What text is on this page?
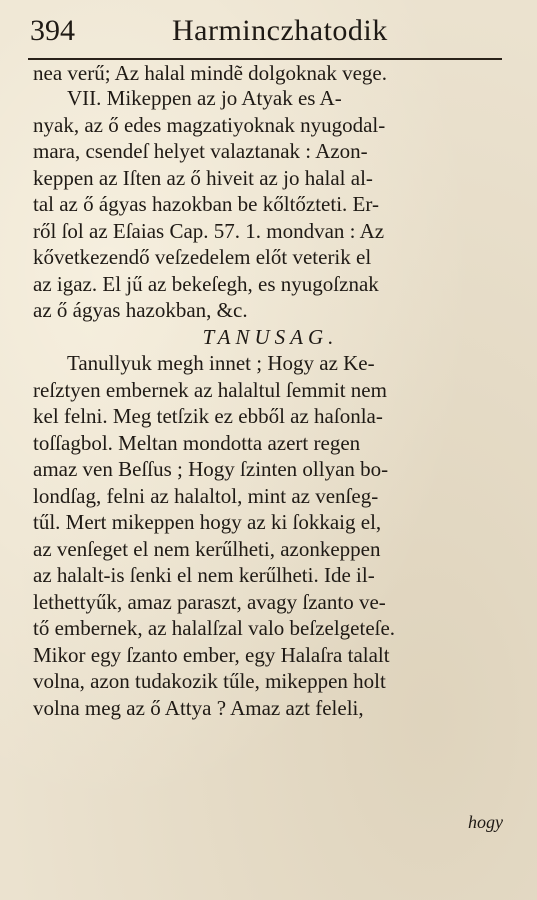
394	Harminczhatodik
nea verű; Az halal mindẽ dolgoknak vege.
VII. Mikeppen az jo Atyak es A-
nyak, az ő edes magzatiyoknak nyugodal-
mara, csendeſ helyet valaztanak : Azon-
keppen az Iſten az ő hiveit az jo halal al-
tal az ő ágyas hazokban be kőltőzteti. Er-
ről ſol az Eſaias Cap. 57. 1. mondvan : Az
kővetkezendő veſzedelem előt veterik el
az igaz. El jű az bekeſegh, es nyugoſznak
az ő ágyas hazokban, &c.
TANUSAG.
Tanullyuk megh innet ; Hogy az Ke-
reſztyen embernek az halaltul ſemmit nem
kel felni. Meg tetſzik ez ebből az haſonla-
toſſagbol. Meltan mondotta azert regen
amaz ven Beſſus ; Hogy ſzinten ollyan bo-
londſag, felni az halaltol, mint az venſeg-
tűl. Mert mikeppen hogy az ki ſokkaig el,
az venſeget el nem kerűlheti, azonkeppen
az halalt-is ſenki el nem kerűlheti. Ide il-
lethettyűk, amaz paraszt, avagy ſzanto ve-
tő embernek, az halalſzal valo beſzelgeteſe.
Mikor egy ſzanto ember, egy Halaſra talalt
volna, azon tudakozik tűle, mikeppen holt
volna meg az ő Attya ? Amaz azt feleli,
hogy
